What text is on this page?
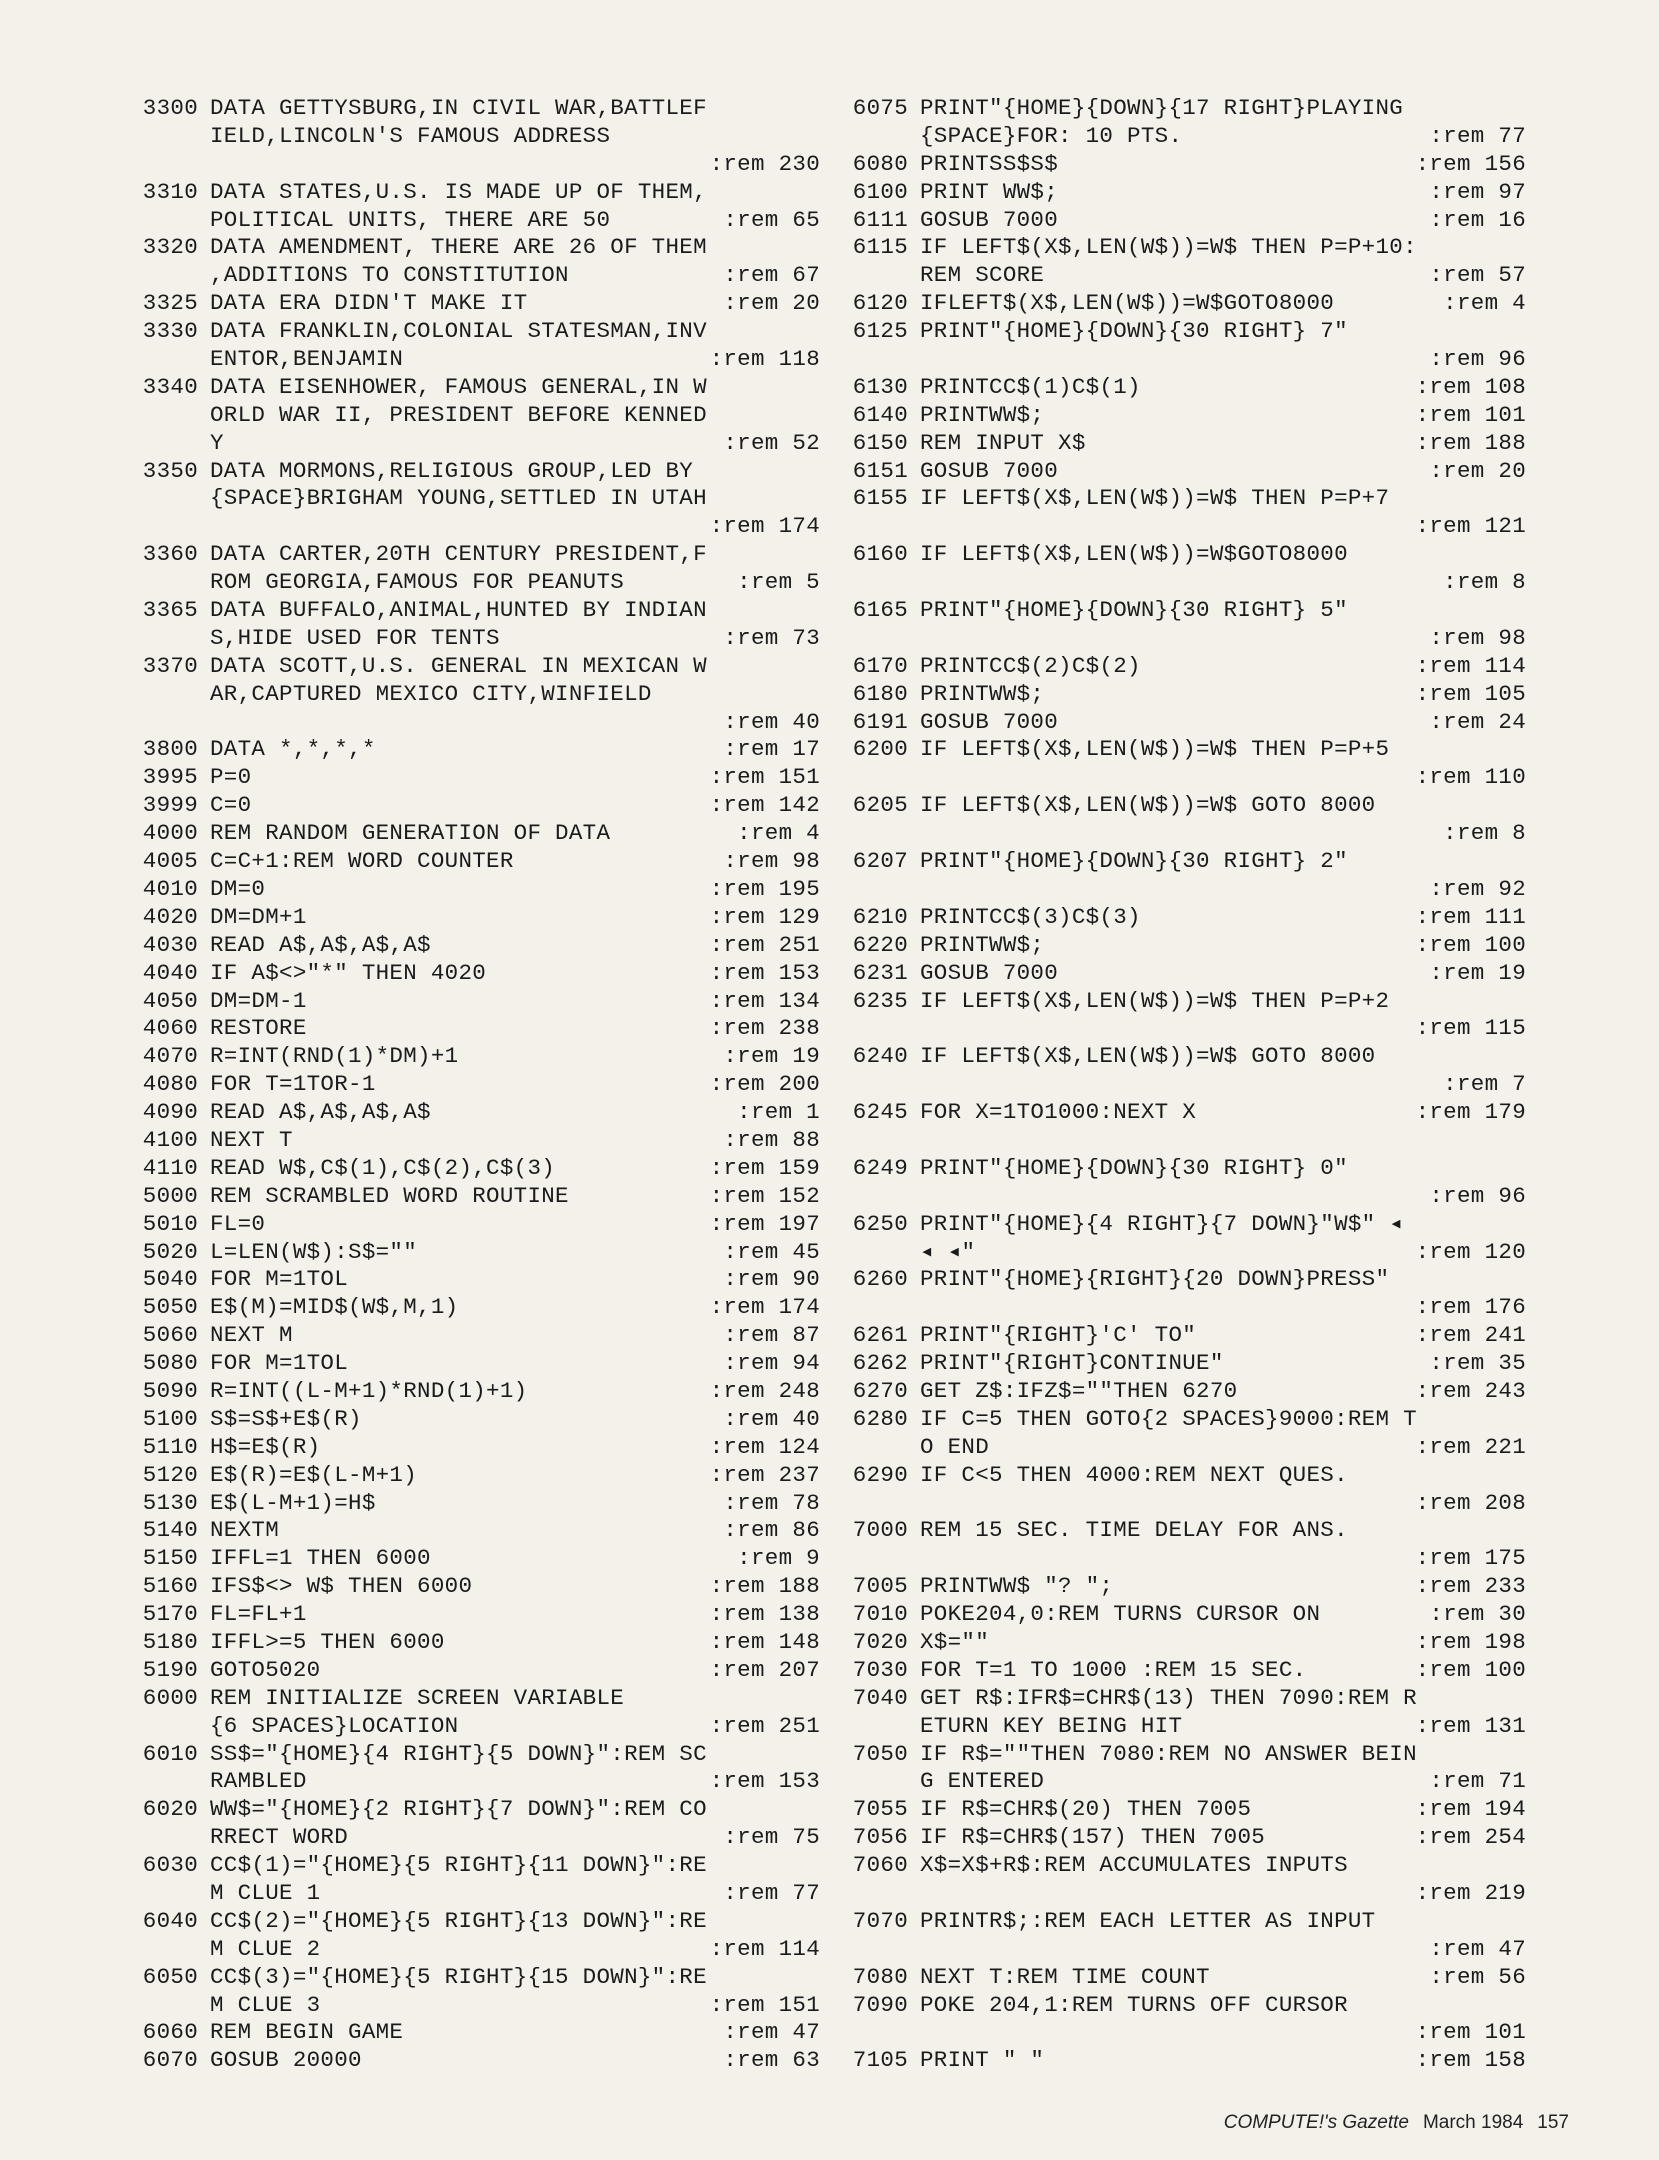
3300 DATA GETTYSBURG,IN CIVIL WAR,BATTLEF
IELD,LINCOLN'S FAMOUS ADDRESS
:rem 230
3310 DATA STATES,U.S. IS MADE UP OF THEM,
POLITICAL UNITS, THERE ARE 50	:rem 65
3320 DATA AMENDMENT, THERE ARE 26 OF THEM
,ADDITIONS TO CONSTITUTION	:rem 67
3325 DATA ERA DIDN'T MAKE IT	:rem 20
3330 DATA FRANKLIN,COLONIAL STATESMAN,INV
ENTOR,BENJAMIN	:rem 118
3340 DATA EISENHOWER, FAMOUS GENERAL,IN W
ORLD WAR II, PRESIDENT BEFORE KENNED
Y	:rem 52
3350 DATA MORMONS,RELIGIOUS GROUP,LED BY
{SPACE}BRIGHAM YOUNG,SETTLED IN UTAH
:rem 174
3360 DATA CARTER,20TH CENTURY PRESIDENT,F
ROM GEORGIA,FAMOUS FOR PEANUTS	:rem 5
3365 DATA BUFFALO,ANIMAL,HUNTED BY INDIAN
S,HIDE USED FOR TENTS	:rem 73
3370 DATA SCOTT,U.S. GENERAL IN MEXICAN W
AR,CAPTURED MEXICO CITY,WINFIELD
:rem 40
3800 DATA *,*,*,*	:rem 17
3995 P=0	:rem 151
3999 C=0	:rem 142
4000 REM RANDOM GENERATION OF DATA	:rem 4
4005 C=C+1:REM WORD COUNTER	:rem 98
4010 DM=0	:rem 195
4020 DM=DM+1	:rem 129
4030 READ A$,A$,A$,A$	:rem 251
4040 IF A$<>"*" THEN 4020	:rem 153
4050 DM=DM-1	:rem 134
4060 RESTORE	:rem 238
4070 R=INT(RND(1)*DM)+1	:rem 19
4080 FOR T=1TOR-1	:rem 200
4090 READ A$,A$,A$,A$	:rem 1
4100 NEXT T	:rem 88
4110 READ W$,C$(1),C$(2),C$(3)	:rem 159
5000 REM SCRAMBLED WORD ROUTINE	:rem 152
5010 FL=0	:rem 197
5020 L=LEN(W$):S$=""	:rem 45
5040 FOR M=1TOL	:rem 90
5050 E$(M)=MID$(W$,M,1)	:rem 174
5060 NEXT M	:rem 87
5080 FOR M=1TOL	:rem 94
5090 R=INT((L-M+1)*RND(1)+1)	:rem 248
5100 S$=S$+E$(R)	:rem 40
5110 H$=E$(R)	:rem 124
5120 E$(R)=E$(L-M+1)	:rem 237
5130 E$(L-M+1)=H$	:rem 78
5140 NEXTM	:rem 86
5150 IFFL=1 THEN 6000	:rem 9
5160 IFS$<> W$ THEN 6000	:rem 188
5170 FL=FL+1	:rem 138
5180 IFFL>=5 THEN 6000	:rem 148
5190 GOTO5020	:rem 207
6000 REM INITIALIZE SCREEN VARIABLE
{6 SPACES}LOCATION	:rem 251
6010 SS$="{HOME}{4 RIGHT}{5 DOWN}":REM SC
RAMBLED	:rem 153
6020 WW$="{HOME}{2 RIGHT}{7 DOWN}":REM CO
RRECT WORD	:rem 75
6030 CC$(1)="{HOME}{5 RIGHT}{11 DOWN}":RE
M CLUE 1	:rem 77
6040 CC$(2)="{HOME}{5 RIGHT}{13 DOWN}":RE
M CLUE 2	:rem 114
6050 CC$(3)="{HOME}{5 RIGHT}{15 DOWN}":RE
M CLUE 3	:rem 151
6060 REM BEGIN GAME	:rem 47
6070 GOSUB 20000	:rem 63
6075 PRINT"{HOME}{DOWN}{17 RIGHT}PLAYING
{SPACE}FOR: 10 PTS.	:rem 77
6080 PRINTSS$S$	:rem 156
6100 PRINT WW$;	:rem 97
6111 GOSUB 7000	:rem 16
6115 IF LEFT$(X$,LEN(W$))=W$ THEN P=P+10:
REM SCORE	:rem 57
6120 IFLEFT$(X$,LEN(W$))=W$GOTO8000	:rem 4
6125 PRINT"{HOME}{DOWN}{30 RIGHT} 7"
:rem 96
6130 PRINTCC$(1)C$(1)	:rem 108
6140 PRINTWW$;	:rem 101
6150 REM INPUT X$	:rem 188
6151 GOSUB 7000	:rem 20
6155 IF LEFT$(X$,LEN(W$))=W$ THEN P=P+7
:rem 121
6160 IF LEFT$(X$,LEN(W$))=W$GOTO8000
:rem 8
6165 PRINT"{HOME}{DOWN}{30 RIGHT} 5"
:rem 98
6170 PRINTCC$(2)C$(2)	:rem 114
6180 PRINTWW$;	:rem 105
6191 GOSUB 7000	:rem 24
6200 IF LEFT$(X$,LEN(W$))=W$ THEN P=P+5
:rem 110
6205 IF LEFT$(X$,LEN(W$))=W$ GOTO 8000
:rem 8
6207 PRINT"{HOME}{DOWN}{30 RIGHT} 2"
:rem 92
6210 PRINTCC$(3)C$(3)	:rem 111
6220 PRINTWW$;	:rem 100
6231 GOSUB 7000	:rem 19
6235 IF LEFT$(X$,LEN(W$))=W$ THEN P=P+2
:rem 115
6240 IF LEFT$(X$,LEN(W$))=W$ GOTO 8000
:rem 7
6245 FOR X=1TO1000:NEXT X	:rem 179
6249 PRINT"{HOME}{DOWN}{30 RIGHT} 0"
:rem 96
6250 PRINT"{HOME}{4 RIGHT}{7 DOWN}"W$" ◂
◂ ◂"	:rem 120
6260 PRINT"{HOME}{RIGHT}{20 DOWN}PRESS"
:rem 176
6261 PRINT"{RIGHT}'C' TO"	:rem 241
6262 PRINT"{RIGHT}CONTINUE"	:rem 35
6270 GET Z$:IFZ$=""THEN 6270	:rem 243
6280 IF C=5 THEN GOTO{2 SPACES}9000:REM T
O END	:rem 221
6290 IF C<5 THEN 4000:REM NEXT QUES.
:rem 208
7000 REM 15 SEC. TIME DELAY FOR ANS.
:rem 175
7005 PRINTWW$ "? ";	:rem 233
7010 POKE204,0:REM TURNS CURSOR ON	:rem 30
7020 X$=""	:rem 198
7030 FOR T=1 TO 1000 :REM 15 SEC.	:rem 100
7040 GET R$:IFR$=CHR$(13) THEN 7090:REM R
ETURN KEY BEING HIT	:rem 131
7050 IF R$=""THEN 7080:REM NO ANSWER BEIN
G ENTERED	:rem 71
7055 IF R$=CHR$(20) THEN 7005	:rem 194
7056 IF R$=CHR$(157) THEN 7005	:rem 254
7060 X$=X$+R$:REM ACCUMULATES INPUTS
:rem 219
7070 PRINTR$;:REM EACH LETTER AS INPUT
:rem 47
7080 NEXT T:REM TIME COUNT	:rem 56
7090 POKE 204,1:REM TURNS OFF CURSOR
:rem 101
7105 PRINT " "	:rem 158
COMPUTE!'s Gazette March 1984 157
